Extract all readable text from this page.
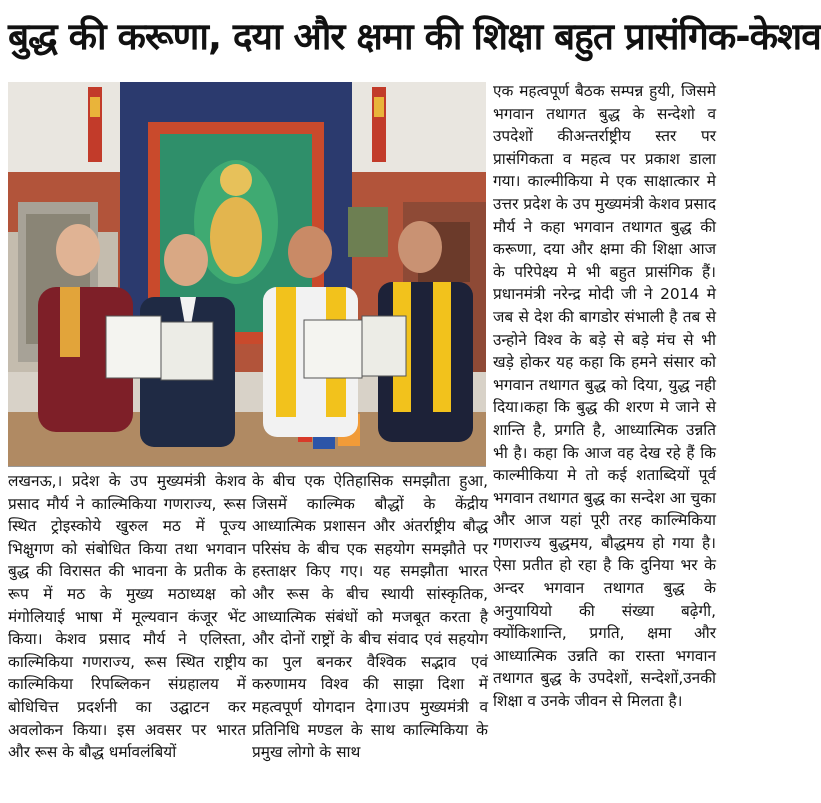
बुद्ध की करूणा, दया और क्षमा की शिक्षा बहुत प्रासंगिक-केशव

लखनऊ,। प्रदेश के उप मुख्यमंत्री केशव प्रसाद मौर्य ने काल्मिकिया गणराज्य, रूस स्थित ट्रोइस्कोये खुरुल मठ में पूज्य भिक्षुगण को संबोधित किया तथा भगवान बुद्ध की विरासत की भावना के प्रतीक के रूप में मठ के मुख्य मठाध्यक्ष को मंगोलियाई भाषा में मूल्यवान कंजूर भेंट किया। केशव प्रसाद मौर्य ने एलिस्ता, काल्मिकिया गणराज्य, रूस स्थित राष्ट्रीय काल्मिकिया रिपब्लिकन संग्रहालय में बोधिचित्त प्रदर्शनी का उद्घाटन कर अवलोकन किया। इस अवसर पर भारत और रूस के बौद्ध धर्मावलंबियों

के बीच एक ऐतिहासिक समझौता हुआ, जिसमें काल्मिक बौद्धों के केंद्रीय आध्यात्मिक प्रशासन और अंतर्राष्ट्रीय बौद्ध परिसंघ के बीच एक सहयोग समझौते पर हस्ताक्षर किए गए। यह समझौता भारत और रूस के बीच स्थायी सांस्कृतिक, आध्यात्मिक संबंधों को मजबूत करता है और दोनों राष्ट्रों के बीच संवाद एवं सहयोग का पुल बनकर वैश्विक सद्भाव एवं करुणामय विश्व की साझा दिशा में महत्वपूर्ण योगदान देगा।उप मुख्यमंत्री व प्रतिनिधि मण्डल के साथ काल्मिकिया के प्रमुख लोगो के साथ

एक महत्वपूर्ण बैठक सम्पन्न हुयी, जिसमे भगवान तथागत बुद्ध के सन्देशो व उपदेशों कीअन्तर्राष्ट्रीय स्तर पर प्रासंगिकता व महत्व पर प्रकाश डाला गया। काल्मीकिया मे एक साक्षात्कार मे उत्तर प्रदेश के उप मुख्यमंत्री केशव प्रसाद मौर्य ने कहा भगवान तथागत बुद्ध की करूणा, दया और क्षमा की शिक्षा आज के परिपेक्ष्य मे भी बहुत प्रासंगिक हैं। प्रधानमंत्री नरेन्द्र मोदी जी ने 2014 मे जब से देश की बागडोर संभाली है तब से उन्होने विश्व के बड़े से बड़े मंच से भी खड़े होकर यह कहा कि हमने संसार को भगवान तथागत बुद्ध को दिया, युद्ध नही दिया।कहा कि बुद्ध की शरण मे जाने से शान्ति है, प्रगति है, आध्यात्मिक उन्नति भी है। कहा कि आज वह देख रहे हैं कि काल्मीकिया मे तो कई शताब्दियों पूर्व भगवान तथागत बुद्ध का सन्देश आ चुका और आज यहां पूरी तरह काल्मिकिया गणराज्य बुद्धमय, बौद्धमय हो गया है। ऐसा प्रतीत हो रहा है कि दुनिया भर के अन्दर भगवान तथागत बुद्ध के अनुयायियो की संख्या बढ़ेगी, क्योंकिशान्ति, प्रगति, क्षमा और आध्यात्मिक उन्नति का रास्ता भगवान तथागत बुद्ध के उपदेशों, सन्देशों,उनकी शिक्षा व उनके जीवन से मिलता है।
